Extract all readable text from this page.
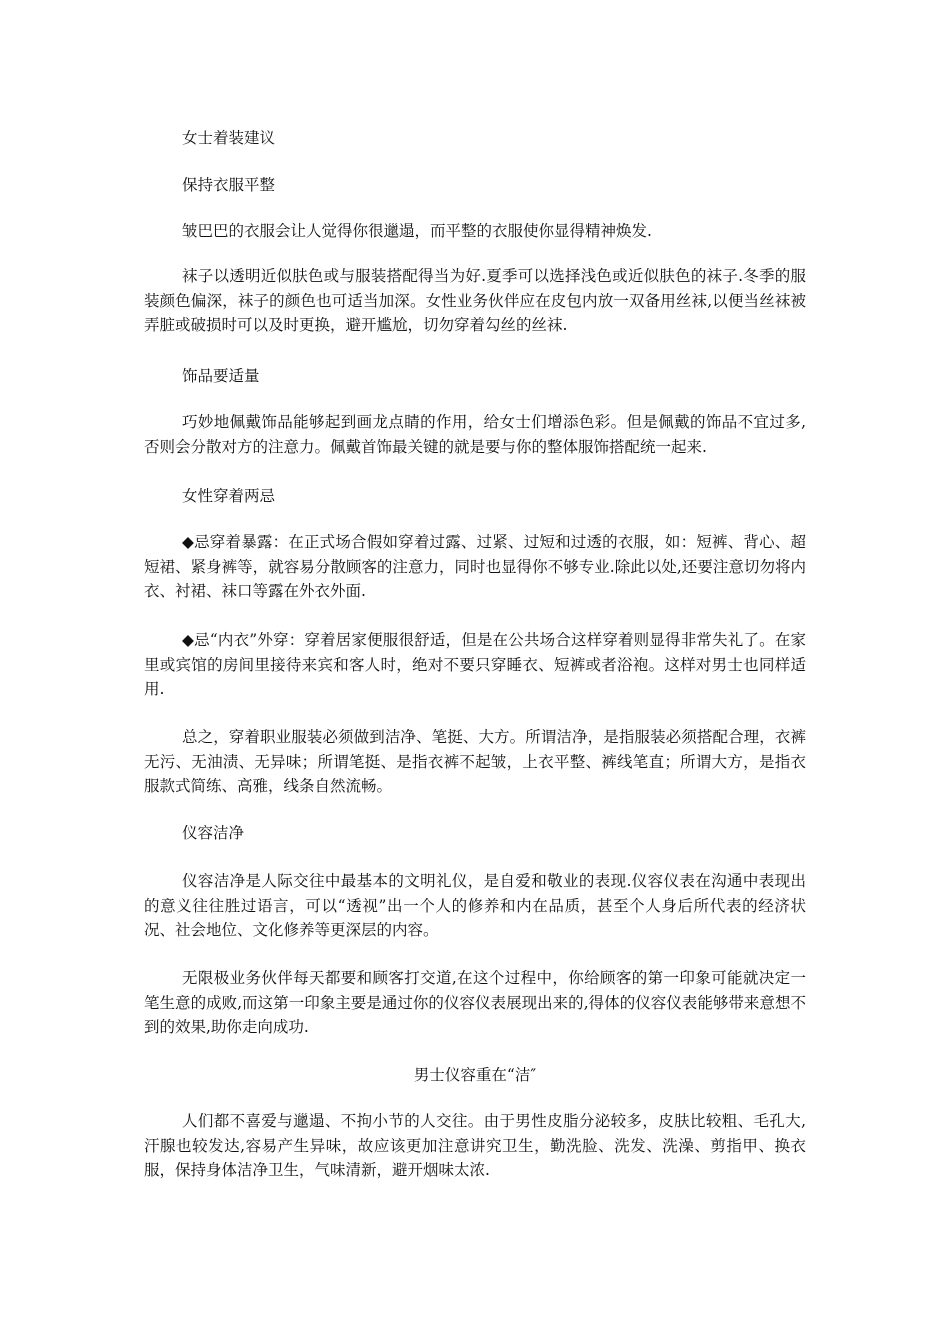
女士着装建议
保持衣服平整

皱巴巴的衣服会让人觉得你很邋遢，而平整的衣服使你显得精神焕发.

袜子以透明近似肤色或与服装搭配得当为好.夏季可以选择浅色或近似肤色的袜子.冬季的服装颜色偏深，袜子的颜色也可适当加深。女性业务伙伴应在皮包内放一双备用丝袜,以便当丝袜被弄脏或破损时可以及时更换，避开尴尬，切勿穿着勾丝的丝袜.

饰品要适量

巧妙地佩戴饰品能够起到画龙点睛的作用，给女士们增添色彩。但是佩戴的饰品不宜过多,否则会分散对方的注意力。佩戴首饰最关键的就是要与你的整体服饰搭配统一起来.

女性穿着两忌

◆忌穿着暴露：在正式场合假如穿着过露、过紧、过短和过透的衣服，如：短裤、背心、超短裙、紧身裤等，就容易分散顾客的注意力，同时也显得你不够专业.除此以处,还要注意切勿将内衣、衬裙、袜口等露在外衣外面.

◆忌“内衣”外穿：穿着居家便服很舒适，但是在公共场合这样穿着则显得非常失礼了。在家里或宾馆的房间里接待来宾和客人时，绝对不要只穿睡衣、短裤或者浴袍。这样对男士也同样适用.

总之，穿着职业服装必须做到洁净、笔挺、大方。所谓洁净，是指服装必须搭配合理，衣裤无污、无油渍、无异味；所谓笔挺、是指衣裤不起皱，上衣平整、裤线笔直；所谓大方，是指衣服款式简练、高雅，线条自然流畅。

仪容洁净

仪容洁净是人际交往中最基本的文明礼仪，是自爱和敬业的表现.仪容仪表在沟通中表现出的意义往往胜过语言，可以“透视”出一个人的修养和内在品质，甚至个人身后所代表的经济状况、社会地位、文化修养等更深层的内容。

无限极业务伙伴每天都要和顾客打交道,在这个过程中，你给顾客的第一印象可能就决定一笔生意的成败,而这第一印象主要是通过你的仪容仪表展现出来的,得体的仪容仪表能够带来意想不到的效果,助你走向成功.

男士仪容重在“洁″

人们都不喜爱与邋遢、不拘小节的人交往。由于男性皮脂分泌较多，皮肤比较粗、毛孔大,汗腺也较发达,容易产生异味，故应该更加注意讲究卫生，勤洗脸、洗发、洗澡、剪指甲、换衣服，保持身体洁净卫生，气味清新，避开烟味太浓.
